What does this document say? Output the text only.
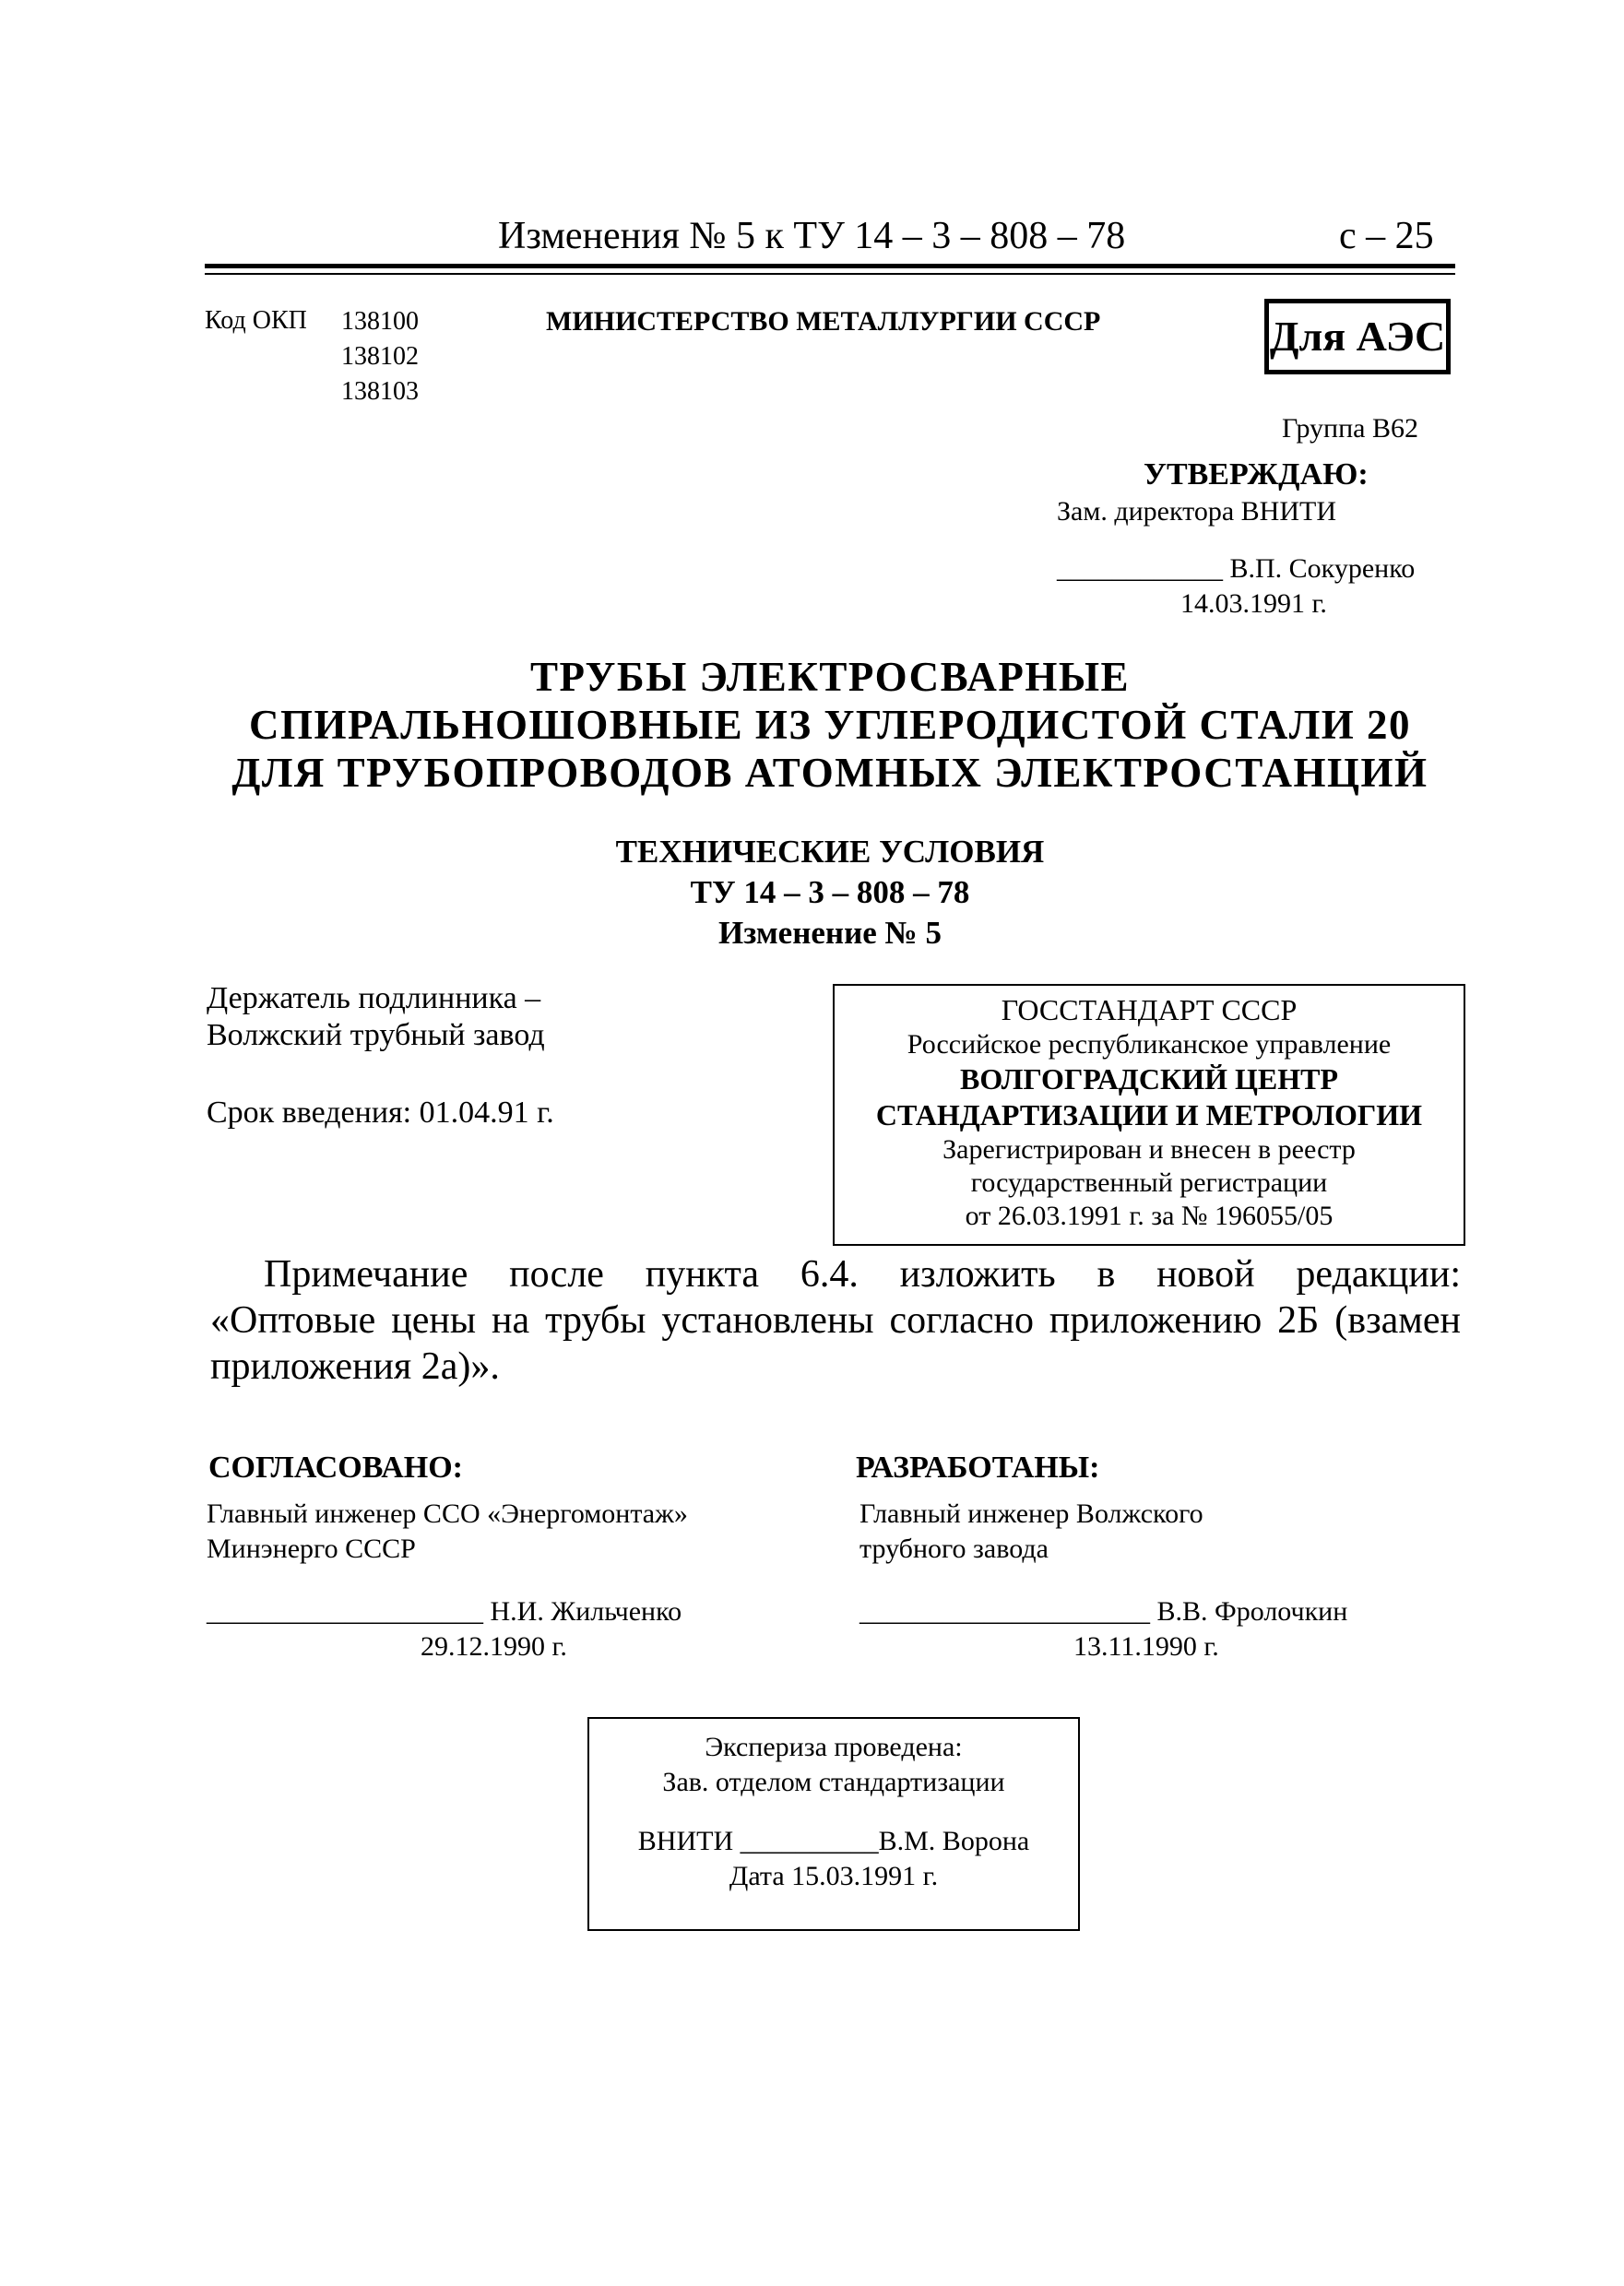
Изменения № 5 к ТУ 14 – 3 – 808 – 78	с – 25
Код ОКП 138100
138102
138103
МИНИСТЕРСТВО МЕТАЛЛУРГИИ СССР	Для АЭС
Группа В62
УТВЕРЖДАЮ:
Зам. директора ВНИТИ
____________ В.П. Сокуренко
14.03.1991 г.
ТРУБЫ ЭЛЕКТРОСВАРНЫЕ
СПИРАЛЬНОШОВНЫЕ ИЗ УГЛЕРОДИСТОЙ СТАЛИ 20
ДЛЯ ТРУБОПРОВОДОВ АТОМНЫХ ЭЛЕКТРОСТАНЦИЙ
ТЕХНИЧЕСКИЕ УСЛОВИЯ
ТУ 14 – 3 – 808 – 78
Изменение № 5
Держатель подлинника –
Волжский трубный завод
Срок введения: 01.04.91 г.
ГОССТАНДАРТ СССР
Российское республиканское управление
ВОЛГОГРАДСКИЙ ЦЕНТР
СТАНДАРТИЗАЦИИ И МЕТРОЛОГИИ
Зарегистрирован и внесен в реестр
государственный регистрации
от 26.03.1991 г. за № 196055/05
Примечание после пункта 6.4. изложить в новой редакции:
«Оптовые цены на трубы установлены согласно приложению 2Б (взамен
приложения 2а)».
СОГЛАСОВАНО:
Главный инженер ССО «Энергомонтаж»
Минэнерго СССР
____________________ Н.И. Жильченко
29.12.1990 г.
РАЗРАБОТАНЫ:
Главный инженер Волжского
трубного завода
_____________________ В.В. Фролочкин
13.11.1990 г.
Экспериза проведена:
Зав. отделом стандартизации
ВНИТИ __________В.М. Ворона
Дата 15.03.1991 г.
